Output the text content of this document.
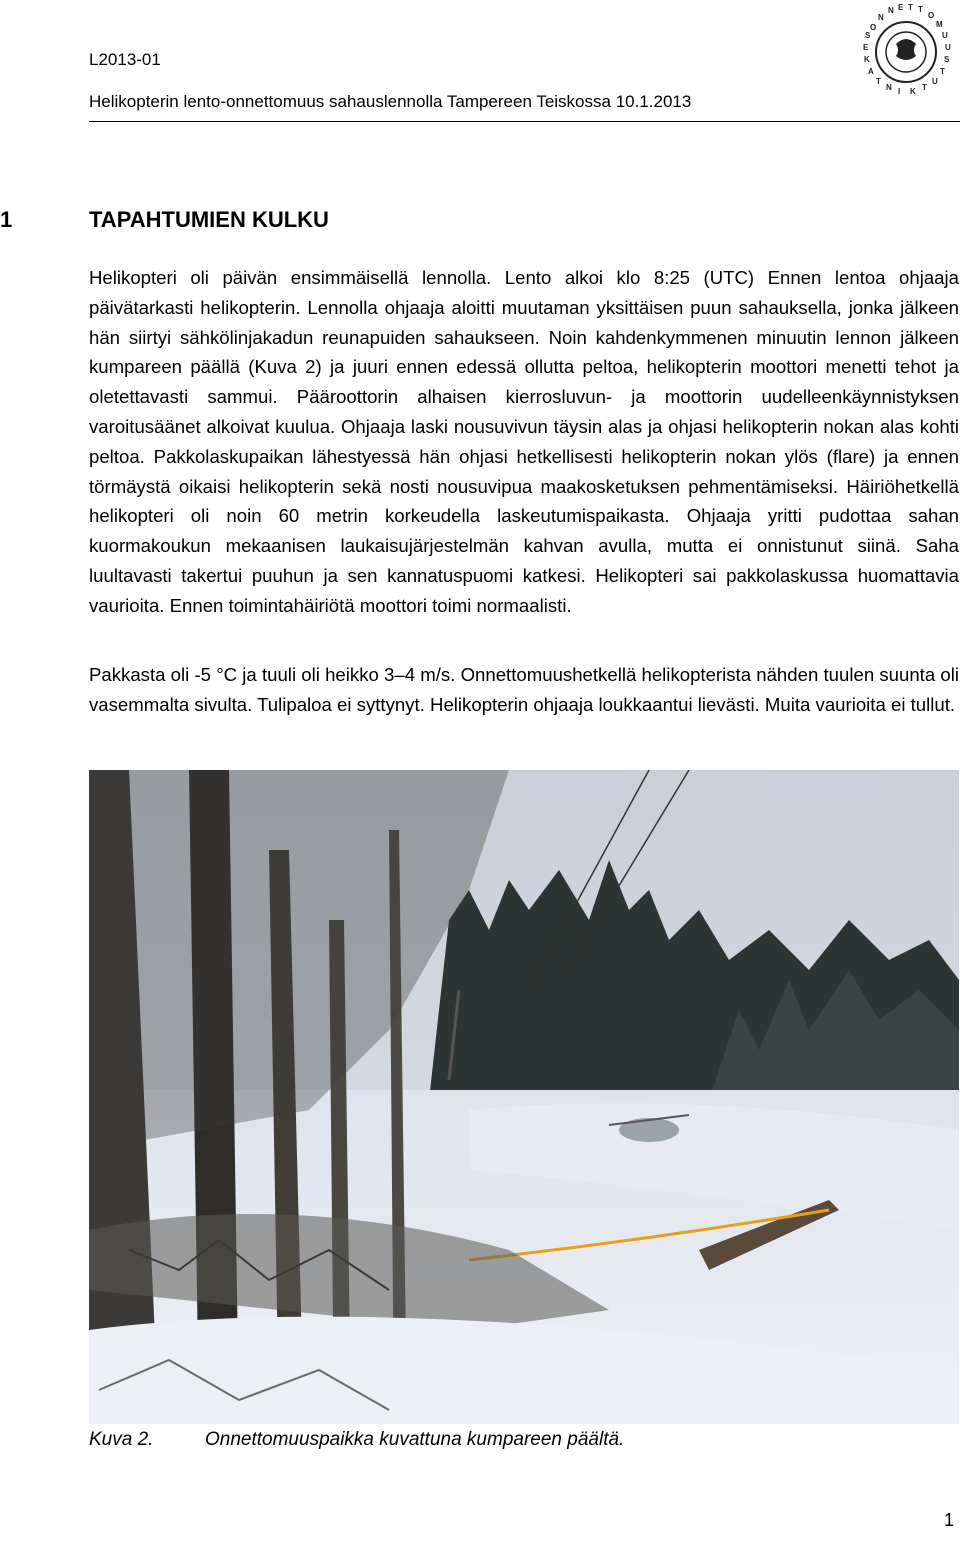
L2013-01
Helikopterin lento-onnettomuus sahauslennolla Tampereen Teiskossa 10.1.2013
O
N
N E T T
O
M
U
U
S
T
U
T
K
I
N
T
A
K
E
S
1	TAPAHTUMIEN KULKU

Helikopteri oli päivän ensimmäisellä lennolla. Lento alkoi klo 8:25 (UTC) Ennen lentoa ohjaaja päivätarkasti helikopterin. Lennolla ohjaaja aloitti muutaman yksittäisen puun sahauksella, jonka jälkeen hän siirtyi sähkölinjakadun reunapuiden sahaukseen. Noin kahdenkymmenen minuutin lennon jälkeen kumpareen päällä (Kuva 2) ja juuri ennen edessä ollutta peltoa, helikopterin moottori menetti tehot ja oletettavasti sammui. Pääroottorin alhaisen kierrosluvun- ja moottorin uudelleenkäynnistyksen varoitusäänet alkoivat kuulua. Ohjaaja laski nousuvivun täysin alas ja ohjasi helikopterin nokan alas kohti peltoa. Pakkolaskupaikan lähestyessä hän ohjasi hetkellisesti helikopterin nokan ylös (flare) ja ennen törmäystä oikaisi helikopterin sekä nosti nousuvipua maakosketuksen pehmentämiseksi. Häiriöhetkellä helikopteri oli noin 60 metrin korkeudella laskeutumispaikasta. Ohjaaja yritti pudottaa sahan kuormakoukun mekaanisen laukaisujärjestelmän kahvan avulla, mutta ei onnistunut siinä. Saha luultavasti takertui puuhun ja sen kannatuspuomi katkesi. Helikopteri sai pakkolaskussa huomattavia vaurioita. Ennen toimintahäiriötä moottori toimi normaalisti.

Pakkasta oli -5 °C ja tuuli oli heikko 3–4 m/s. Onnettomuushetkellä helikopterista nähden tuulen suunta oli vasemmalta sivulta. Tulipaloa ei syttynyt. Helikopterin ohjaaja loukkaantui lievästi. Muita vaurioita ei tullut.

Kuva 2.	Onnettomuuspaikka kuvattuna kumpareen päältä.
1
